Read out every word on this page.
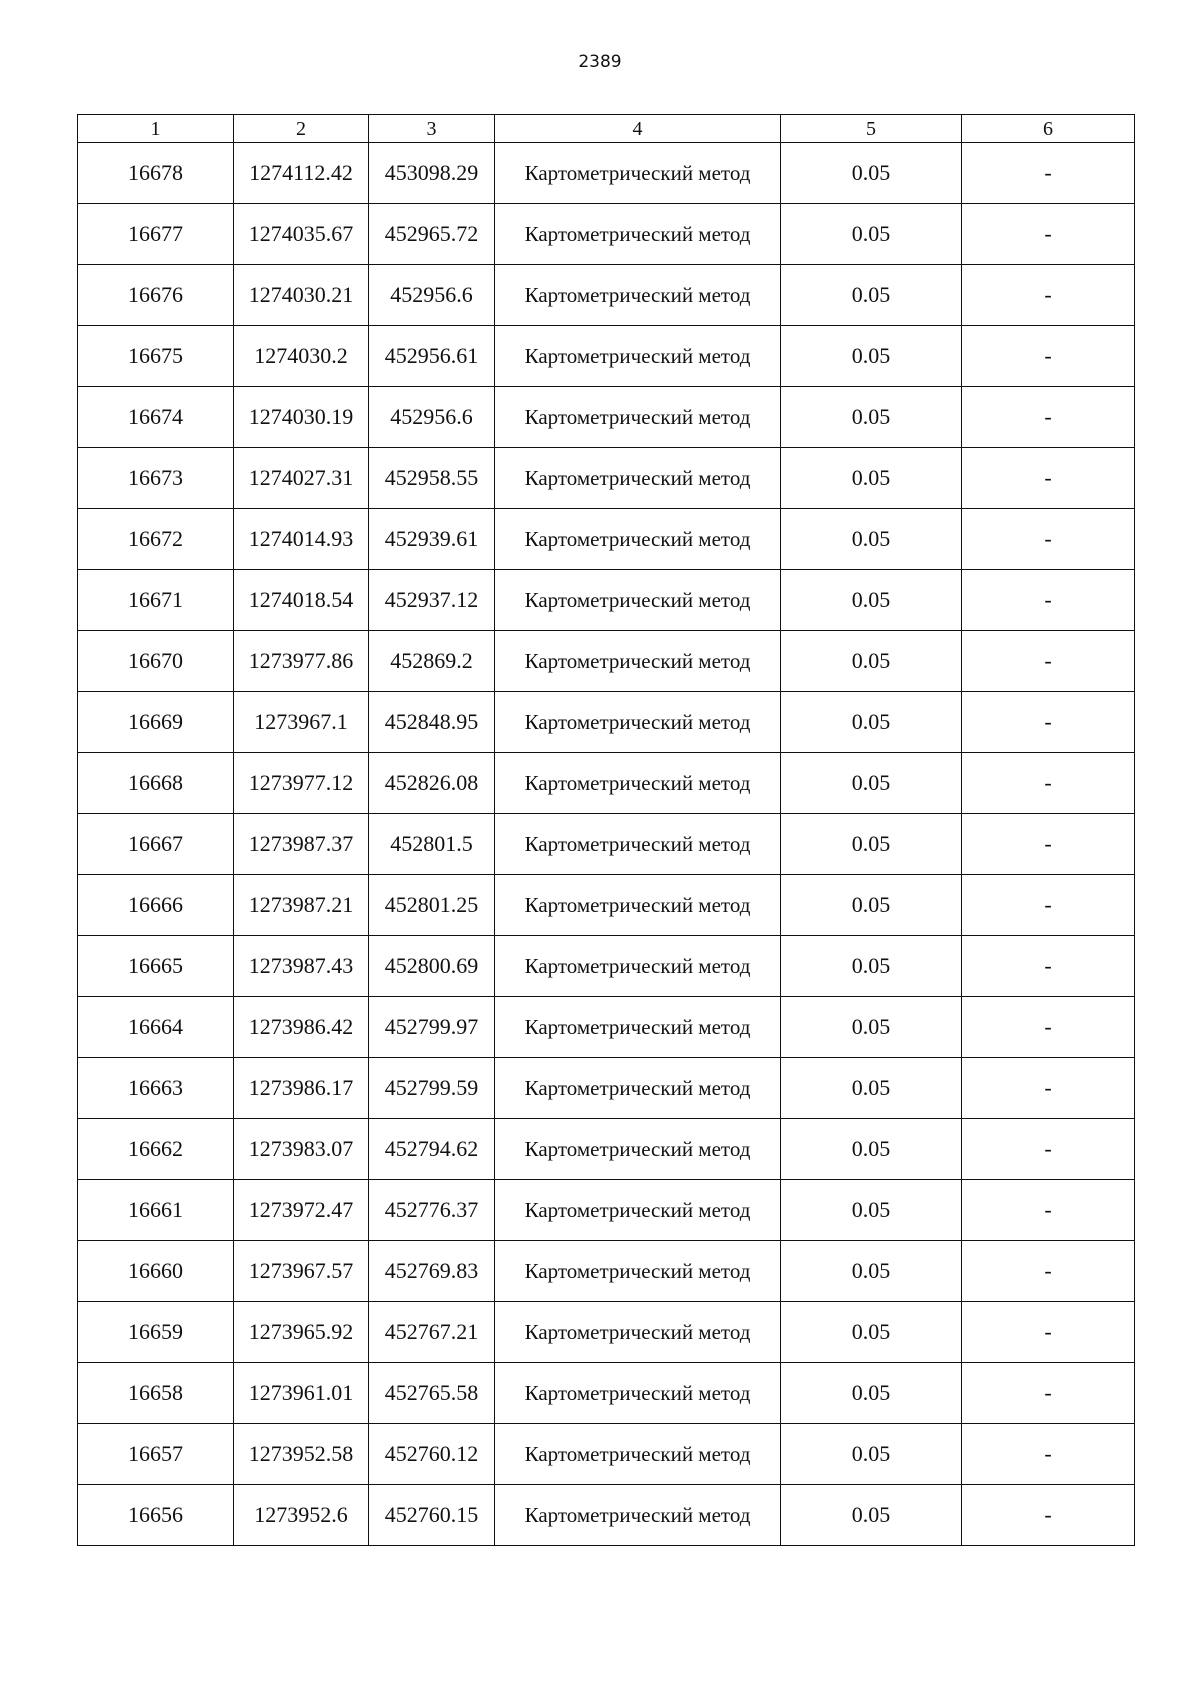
2389
1	2	3	4	5	6
16678	1274112.42	453098.29	Картометрический метод	0.05	-
16677	1274035.67	452965.72	Картометрический метод	0.05	-
16676	1274030.21	452956.6	Картометрический метод	0.05	-
16675	1274030.2	452956.61	Картометрический метод	0.05	-
16674	1274030.19	452956.6	Картометрический метод	0.05	-
16673	1274027.31	452958.55	Картометрический метод	0.05	-
16672	1274014.93	452939.61	Картометрический метод	0.05	-
16671	1274018.54	452937.12	Картометрический метод	0.05	-
16670	1273977.86	452869.2	Картометрический метод	0.05	-
16669	1273967.1	452848.95	Картометрический метод	0.05	-
16668	1273977.12	452826.08	Картометрический метод	0.05	-
16667	1273987.37	452801.5	Картометрический метод	0.05	-
16666	1273987.21	452801.25	Картометрический метод	0.05	-
16665	1273987.43	452800.69	Картометрический метод	0.05	-
16664	1273986.42	452799.97	Картометрический метод	0.05	-
16663	1273986.17	452799.59	Картометрический метод	0.05	-
16662	1273983.07	452794.62	Картометрический метод	0.05	-
16661	1273972.47	452776.37	Картометрический метод	0.05	-
16660	1273967.57	452769.83	Картометрический метод	0.05	-
16659	1273965.92	452767.21	Картометрический метод	0.05	-
16658	1273961.01	452765.58	Картометрический метод	0.05	-
16657	1273952.58	452760.12	Картометрический метод	0.05	-
16656	1273952.6	452760.15	Картометрический метод	0.05	-
